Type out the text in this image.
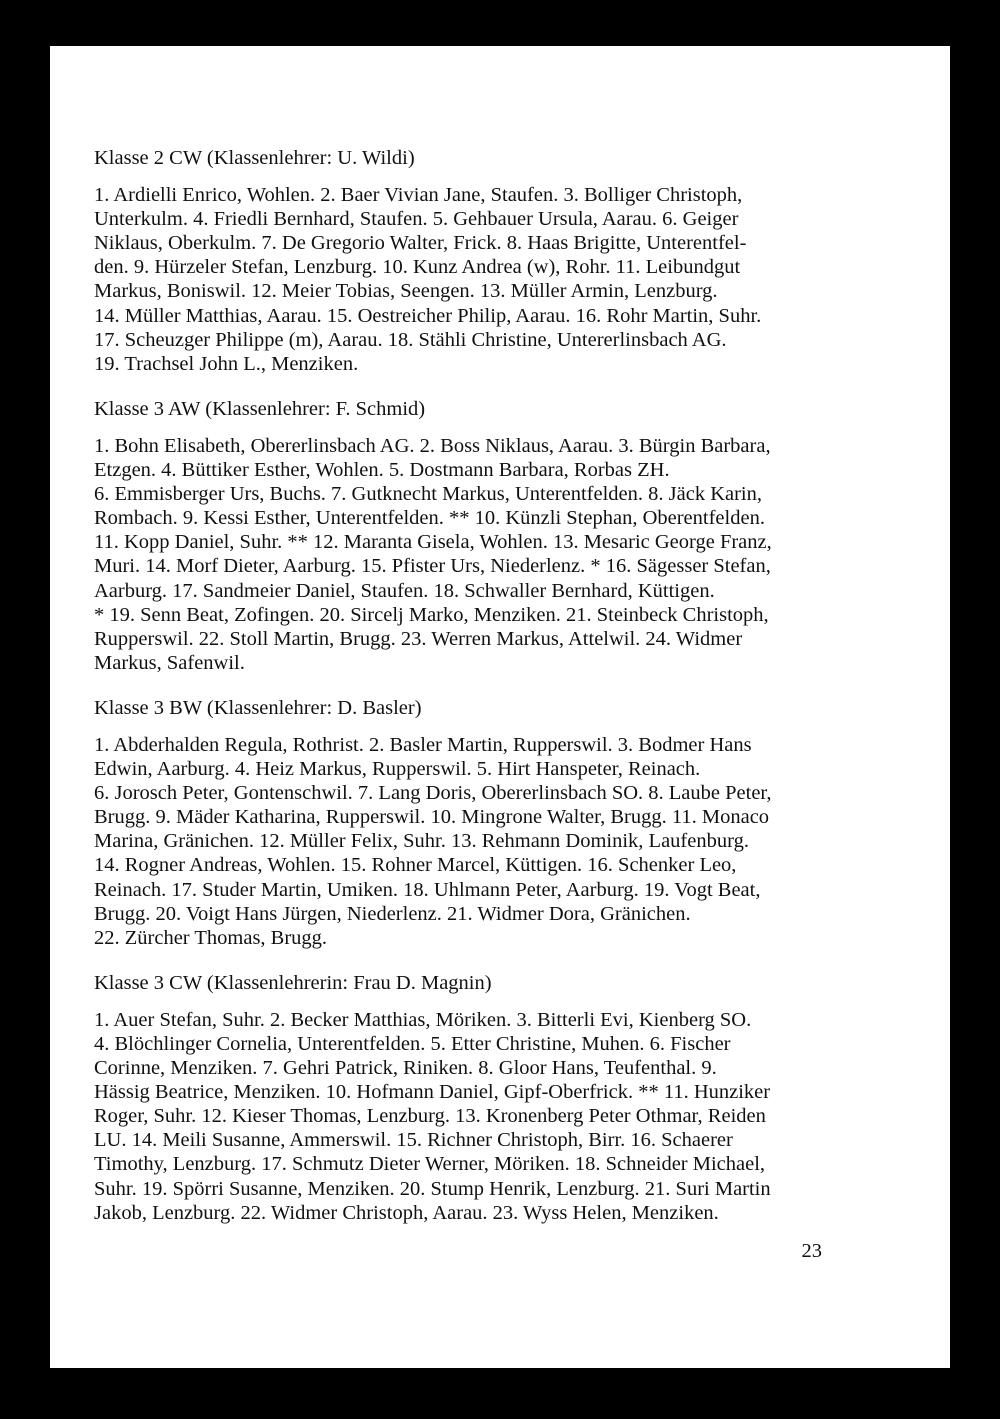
Klasse 2 CW (Klassenlehrer: U. Wildi)
1. Ardielli Enrico, Wohlen. 2. Baer Vivian Jane, Staufen. 3. Bolliger Christoph,
Unterkulm. 4. Friedli Bernhard, Staufen. 5. Gehbauer Ursula, Aarau. 6. Geiger
Niklaus, Oberkulm. 7. De Gregorio Walter, Frick. 8. Haas Brigitte, Unterentfel-
den. 9. Hürzeler Stefan, Lenzburg. 10. Kunz Andrea (w), Rohr. 11. Leibundgut
Markus, Boniswil. 12. Meier Tobias, Seengen. 13. Müller Armin, Lenzburg.
14. Müller Matthias, Aarau. 15. Oestreicher Philip, Aarau. 16. Rohr Martin, Suhr.
17. Scheuzger Philippe (m), Aarau. 18. Stähli Christine, Untererlinsbach AG.
19. Trachsel John L., Menziken.
Klasse 3 AW (Klassenlehrer: F. Schmid)
1. Bohn Elisabeth, Obererlinsbach AG. 2. Boss Niklaus, Aarau. 3. Bürgin Barbara,
Etzgen. 4. Büttiker Esther, Wohlen. 5. Dostmann Barbara, Rorbas ZH.
6. Emmisberger Urs, Buchs. 7. Gutknecht Markus, Unterentfelden. 8. Jäck Karin,
Rombach. 9. Kessi Esther, Unterentfelden. ** 10. Künzli Stephan, Oberentfelden.
11. Kopp Daniel, Suhr. ** 12. Maranta Gisela, Wohlen. 13. Mesaric George Franz,
Muri. 14. Morf Dieter, Aarburg. 15. Pfister Urs, Niederlenz. * 16. Sägesser Stefan,
Aarburg. 17. Sandmeier Daniel, Staufen. 18. Schwaller Bernhard, Küttigen.
* 19. Senn Beat, Zofingen. 20. Sircelj Marko, Menziken. 21. Steinbeck Christoph,
Rupperswil. 22. Stoll Martin, Brugg. 23. Werren Markus, Attelwil. 24. Widmer
Markus, Safenwil.
Klasse 3 BW (Klassenlehrer: D. Basler)
1. Abderhalden Regula, Rothrist. 2. Basler Martin, Rupperswil. 3. Bodmer Hans
Edwin, Aarburg. 4. Heiz Markus, Rupperswil. 5. Hirt Hanspeter, Reinach.
6. Jorosch Peter, Gontenschwil. 7. Lang Doris, Obererlinsbach SO. 8. Laube Peter,
Brugg. 9. Mäder Katharina, Rupperswil. 10. Mingrone Walter, Brugg. 11. Monaco
Marina, Gränichen. 12. Müller Felix, Suhr. 13. Rehmann Dominik, Laufenburg.
14. Rogner Andreas, Wohlen. 15. Rohner Marcel, Küttigen. 16. Schenker Leo,
Reinach. 17. Studer Martin, Umiken. 18. Uhlmann Peter, Aarburg. 19. Vogt Beat,
Brugg. 20. Voigt Hans Jürgen, Niederlenz. 21. Widmer Dora, Gränichen.
22. Zürcher Thomas, Brugg.
Klasse 3 CW (Klassenlehrerin: Frau D. Magnin)
1. Auer Stefan, Suhr. 2. Becker Matthias, Möriken. 3. Bitterli Evi, Kienberg SO.
4. Blöchlinger Cornelia, Unterentfelden. 5. Etter Christine, Muhen. 6. Fischer
Corinne, Menziken. 7. Gehri Patrick, Riniken. 8. Gloor Hans, Teufenthal. 9.
Hässig Beatrice, Menziken. 10. Hofmann Daniel, Gipf-Oberfrick. ** 11. Hunziker
Roger, Suhr. 12. Kieser Thomas, Lenzburg. 13. Kronenberg Peter Othmar, Reiden
LU. 14. Meili Susanne, Ammerswil. 15. Richner Christoph, Birr. 16. Schaerer
Timothy, Lenzburg. 17. Schmutz Dieter Werner, Möriken. 18. Schneider Michael,
Suhr. 19. Spörri Susanne, Menziken. 20. Stump Henrik, Lenzburg. 21. Suri Martin
Jakob, Lenzburg. 22. Widmer Christoph, Aarau. 23. Wyss Helen, Menziken.
23
